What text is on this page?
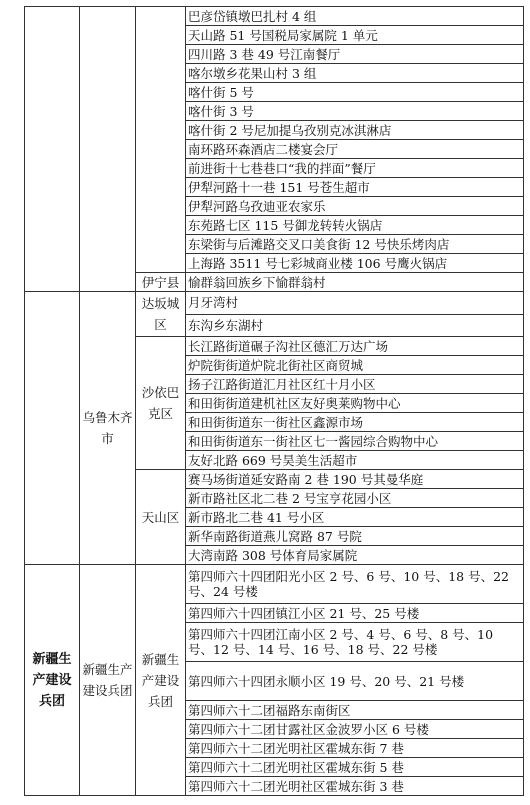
			巴彦岱镇墩巴扎村 4 组
			天山路 51 号国税局家属院 1 单元
			四川路 3 巷 49 号江南餐厅
			喀尔墩乡花果山村 3 组
			喀什街 5 号
			喀什街 3 号
			喀什街 2 号尼加提乌孜别克冰淇淋店
			南环路环森酒店二楼宴会厅
			前进街十七巷巷口“我的拌面”餐厅
			伊犁河路十一巷 151 号苍生超市
			伊犁河路乌孜迪亚农家乐
			东苑路七区 115 号御龙转转火锅店
			东梁街与后滩路交叉口美食街 12 号快乐烤肉店
			上海路 3511 号七彩城商业楼 106 号鹰火锅店
		伊宁县	愉群翁回族乡下愉群翁村
	乌鲁木齐市	达坂城区	月牙湾村
			东沟乡东湖村
		沙依巴克区	长江路街道碾子沟社区德汇万达广场
			炉院街街道炉院北街社区商贸城
			扬子江路街道汇月社区红十月小区
			和田街街道建机社区友好奥莱购物中心
			和田街街道东一街社区鑫源市场
			和田街街道东一街社区七一酱园综合购物中心
			友好北路 669 号昊美生活超市
		天山区	赛马场街道延安路南 2 巷 190 号其曼华庭
			新市路社区北二巷 2 号宝亨花园小区
			新市路北二巷 41 号小区
			新华南路街道燕儿窝路 87 号院
			大湾南路 308 号体育局家属院
新疆生产建设兵团	新疆生产建设兵团	新疆生产建设兵团	第四师六十四团阳光小区 2 号、6 号、10 号、18 号、22 号、24 号楼
			第四师六十四团镇江小区 21 号、25 号楼
			第四师六十四团江南小区 2 号、4 号、6 号、8 号、10 号、12 号、14 号、16 号、18 号、22 号楼
			第四师六十四团永顺小区 19 号、20 号、21 号楼
			第四师六十二团福路东南街区
			第四师六十二团甘露社区金波罗小区 6 号楼
			第四师六十二团光明社区霍城东街 7 巷
			第四师六十二团光明社区霍城东街 5 巷
			第四师六十二团光明社区霍城东街 3 巷
